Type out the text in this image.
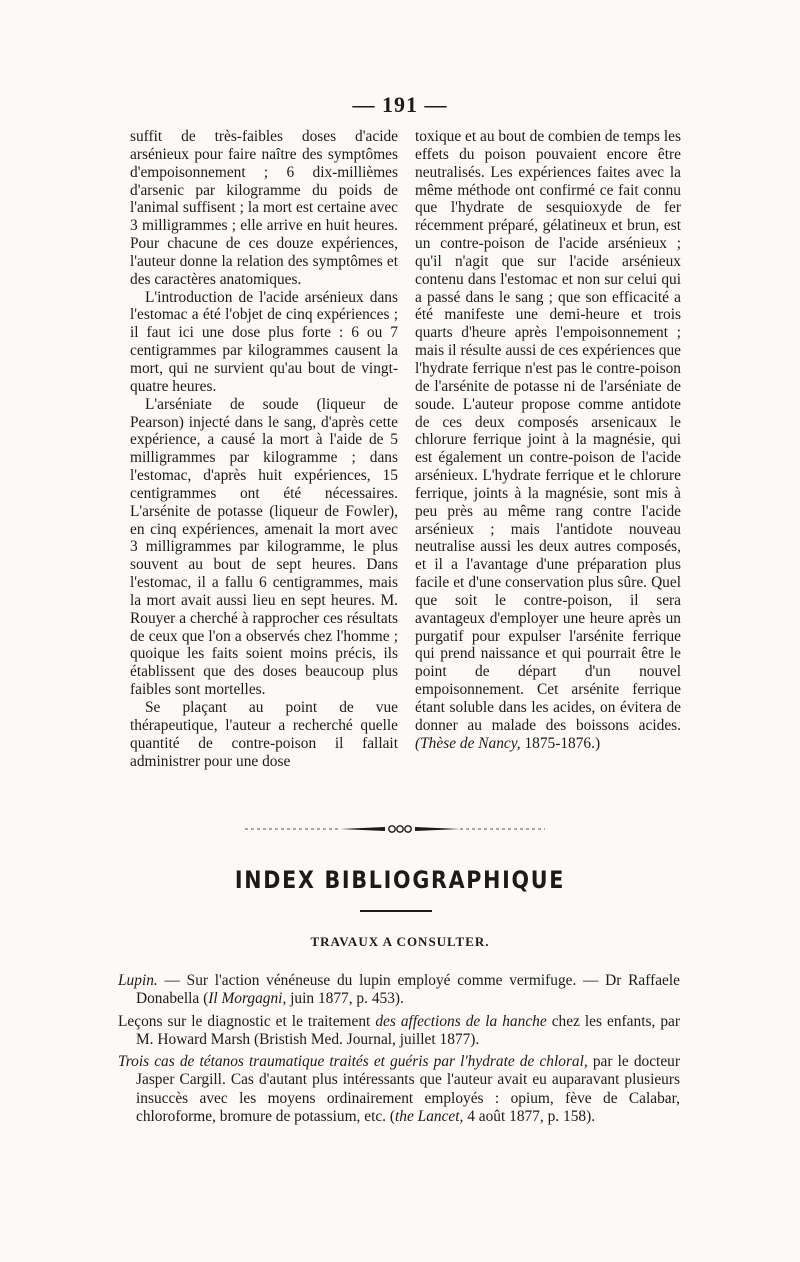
— 191 —

suffit de très-faibles doses d'acide arsénieux pour faire naître des symptômes d'empoisonnement ; 6 dix-millièmes d'arsenic par kilogramme du poids de l'animal suffisent ; la mort est certaine avec 3 milligrammes ; elle arrive en huit heures. Pour chacune de ces douze expériences, l'auteur donne la relation des symptômes et des caractères anatomiques.

L'introduction de l'acide arsénieux dans l'estomac a été l'objet de cinq expériences ; il faut ici une dose plus forte : 6 ou 7 centigrammes par kilogrammes causent la mort, qui ne survient qu'au bout de vingt-quatre heures.

L'arséniate de soude (liqueur de Pearson) injecté dans le sang, d'après cette expérience, a causé la mort à l'aide de 5 milligrammes par kilogramme ; dans l'estomac, d'après huit expériences, 15 centigrammes ont été nécessaires. L'arsénite de potasse (liqueur de Fowler), en cinq expériences, amenait la mort avec 3 milligrammes par kilogramme, le plus souvent au bout de sept heures. Dans l'estomac, il a fallu 6 centigrammes, mais la mort avait aussi lieu en sept heures. M. Rouyer a cherché à rapprocher ces résultats de ceux que l'on a observés chez l'homme ; quoique les faits soient moins précis, ils établissent que des doses beaucoup plus faibles sont mortelles.

Se plaçant au point de vue thérapeutique, l'auteur a recherché quelle quantité de contre-poison il fallait administrer pour une dose

toxique et au bout de combien de temps les effets du poison pouvaient encore être neutralisés. Les expériences faites avec la même méthode ont confirmé ce fait connu que l'hydrate de sesquioxyde de fer récemment préparé, gélatineux et brun, est un contre-poison de l'acide arsénieux ; qu'il n'agit que sur l'acide arsénieux contenu dans l'estomac et non sur celui qui a passé dans le sang ; que son efficacité a été manifeste une demi-heure et trois quarts d'heure après l'empoisonnement ; mais il résulte aussi de ces expériences que l'hydrate ferrique n'est pas le contre-poison de l'arsénite de potasse ni de l'arséniate de soude. L'auteur propose comme antidote de ces deux composés arsenicaux le chlorure ferrique joint à la magnésie, qui est également un contre-poison de l'acide arsénieux. L'hydrate ferrique et le chlorure ferrique, joints à la magnésie, sont mis à peu près au même rang contre l'acide arsénieux ; mais l'antidote nouveau neutralise aussi les deux autres composés, et il a l'avantage d'une préparation plus facile et d'une conservation plus sûre. Quel que soit le contre-poison, il sera avantageux d'employer une heure après un purgatif pour expulser l'arsénite ferrique qui prend naissance et qui pourrait être le point de départ d'un nouvel empoisonnement. Cet arsénite ferrique étant soluble dans les acides, on évitera de donner au malade des boissons acides. (Thèse de Nancy, 1875-1876.)

INDEX BIBLIOGRAPHIQUE
TRAVAUX A CONSULTER.

Lupin. — Sur l'action vénéneuse du lupin employé comme vermifuge. — Dr Raffaele Donabella (Il Morgagni, juin 1877, p. 453).

Leçons sur le diagnostic et le traitement des affections de la hanche chez les enfants, par M. Howard Marsh (Bristish Med. Journal, juillet 1877).

Trois cas de tétanos traumatique traités et guéris par l'hydrate de chloral, par le docteur Jasper Cargill. Cas d'autant plus intéressants que l'auteur avait eu auparavant plusieurs insuccès avec les moyens ordinairement employés : opium, fève de Calabar, chloroforme, bromure de potassium, etc. (the Lancet, 4 août 1877, p. 158).
